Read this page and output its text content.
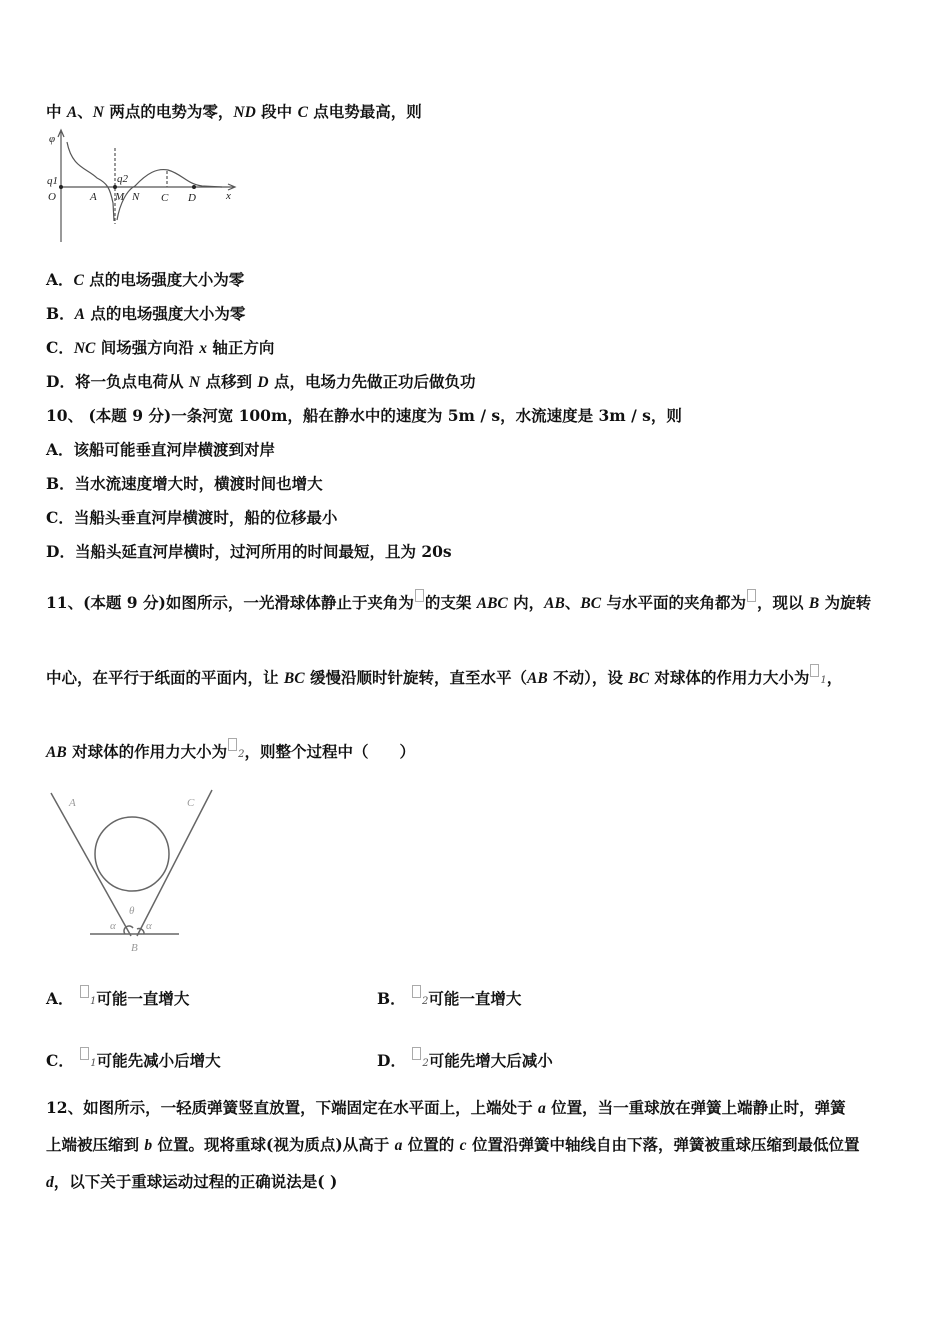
中 A、N 两点的电势为零，ND 段中 C 点电势最高，则
A．C 点的电场强度大小为零
B．A 点的电场强度大小为零
C．NC 间场强方向沿 x 轴正方向
D．将一负点电荷从 N 点移到 D 点，电场力先做正功后做负功
10、 (本题 9 分)一条河宽 100m，船在静水中的速度为 5m / s，水流速度是 3m / s，则
A．该船可能垂直河岸横渡到对岸
B．当水流速度增大时，横渡时间也增大
C．当船头垂直河岸横渡时，船的位移最小
D．当船头延直河岸横时，过河所用的时间最短，且为 20s
11、(本题 9 分)如图所示，一光滑球体静止于夹角为 的支架 ABC 内，AB、BC 与水平面的夹角都为 ，现以 B 为旋转
中心，在平行于纸面的平面内，让 BC 缓慢沿顺时针旋转，直至水平（AB 不动），设 BC 对球体的作用力大小为 1，
AB 对球体的作用力大小为 2，则整个过程中（　　）
A． 1可能一直增大	B． 2可能一直增大
C． 1可能先减小后增大	D． 2可能先增大后减小
12、如图所示，一轻质弹簧竖直放置，下端固定在水平面上，上端处于 a 位置，当一重球放在弹簧上端静止时，弹簧
上端被压缩到 b 位置。现将重球(视为质点)从高于 a 位置的 c 位置沿弹簧中轴线自由下落，弹簧被重球压缩到最低位置
d，以下关于重球运动过程的正确说法是( )
φ
q1	q2
O	A M N C D	x
A	C
B
θ
α	α
